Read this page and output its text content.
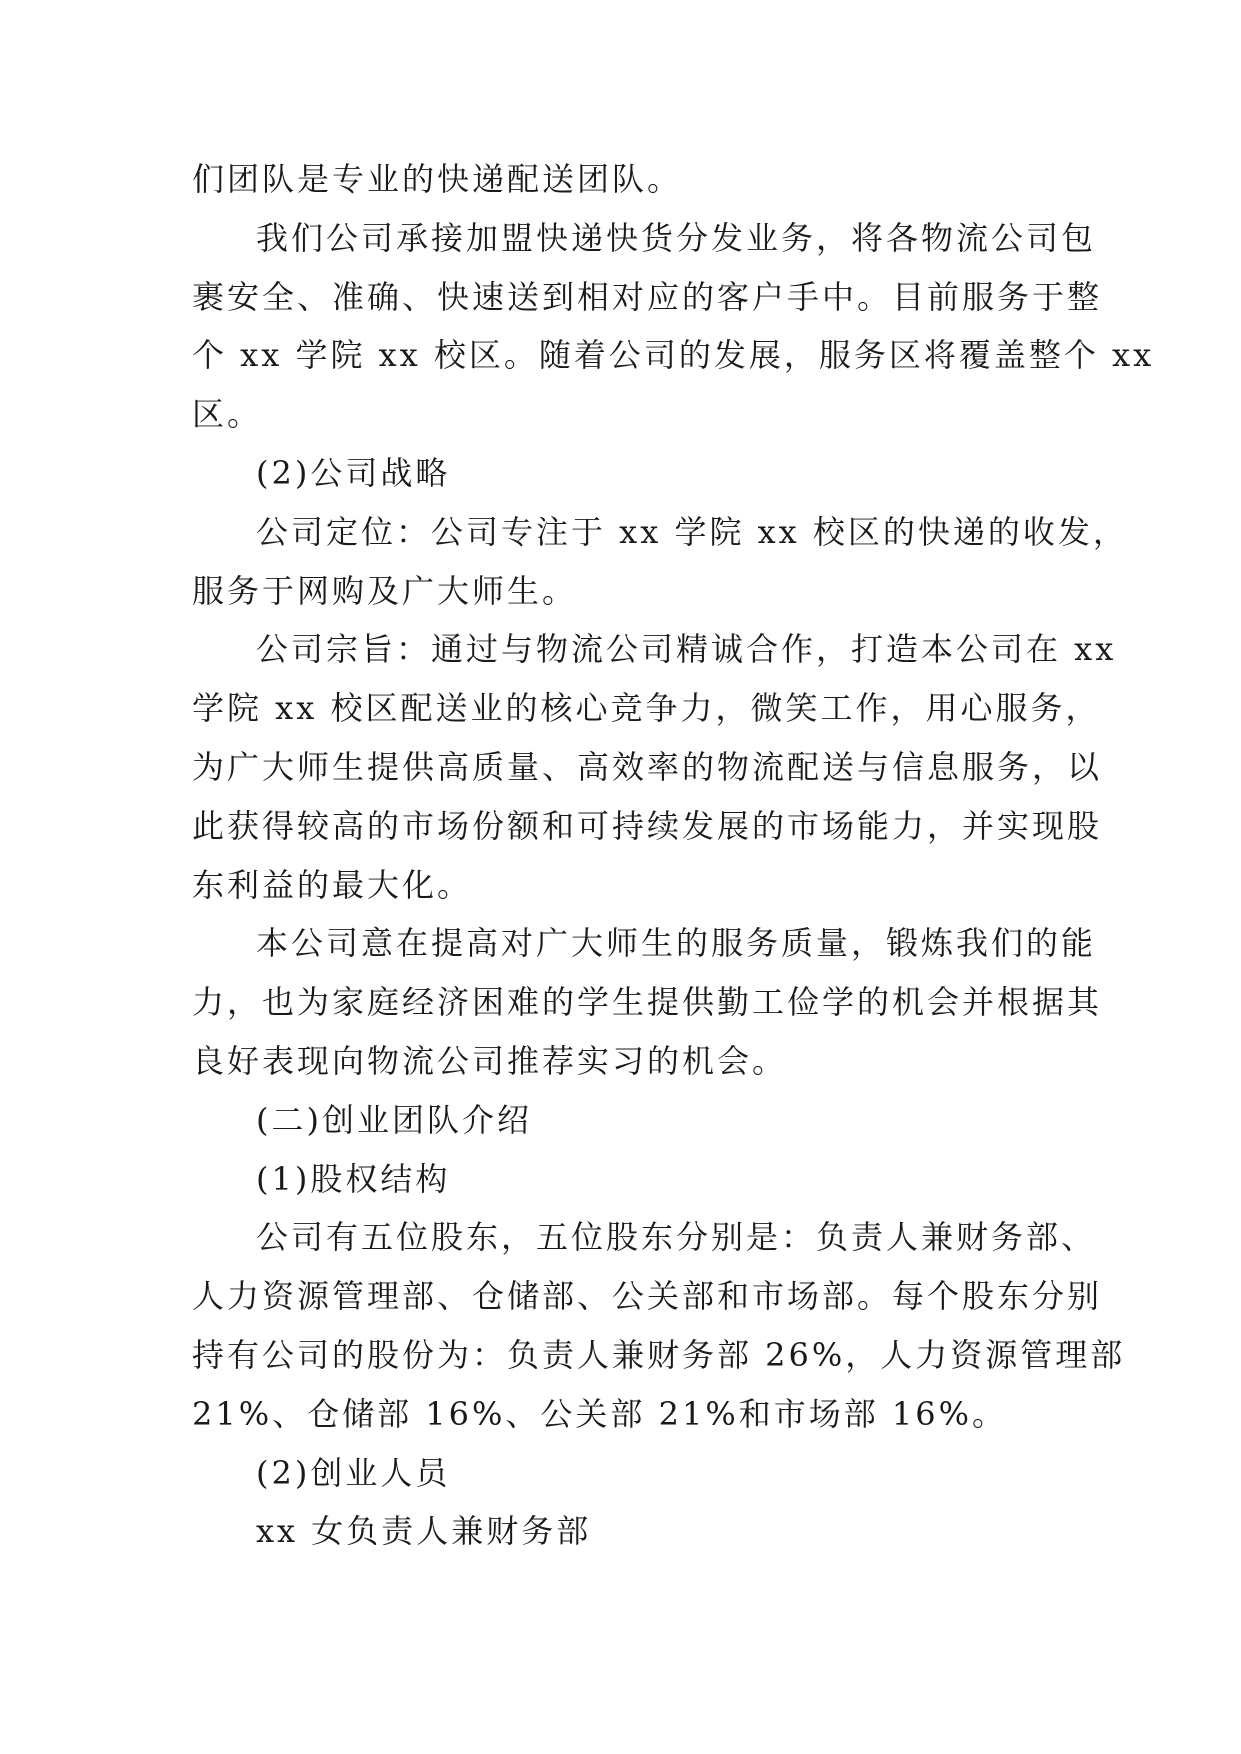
们团队是专业的快递配送团队。
我们公司承接加盟快递快货分发业务，将各物流公司包
裹安全、准确、快速送到相对应的客户手中。目前服务于整
个 xx 学院 xx 校区。随着公司的发展，服务区将覆盖整个 xx
区。
(2)公司战略
公司定位：公司专注于 xx 学院 xx 校区的快递的收发，
服务于网购及广大师生。
公司宗旨：通过与物流公司精诚合作，打造本公司在 xx
学院 xx 校区配送业的核心竞争力，微笑工作，用心服务，
为广大师生提供高质量、高效率的物流配送与信息服务，以
此获得较高的市场份额和可持续发展的市场能力，并实现股
东利益的最大化。
本公司意在提高对广大师生的服务质量，锻炼我们的能
力，也为家庭经济困难的学生提供勤工俭学的机会并根据其
良好表现向物流公司推荐实习的机会。
(二)创业团队介绍
(1)股权结构
公司有五位股东，五位股东分别是：负责人兼财务部、
人力资源管理部、仓储部、公关部和市场部。每个股东分别
持有公司的股份为：负责人兼财务部 26%，人力资源管理部
21%、仓储部 16%、公关部 21%和市场部 16%。
(2)创业人员
xx 女负责人兼财务部
